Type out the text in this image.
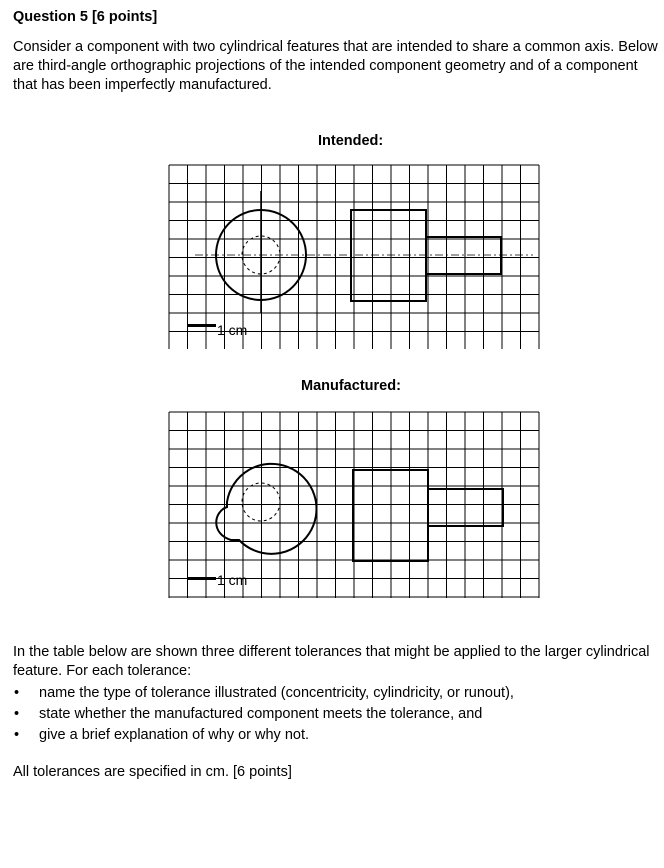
Question 5 [6 points]
Consider a component with two cylindrical features that are intended to share a common axis. Below are third-angle orthographic projections of the intended component geometry and of a component that has been imperfectly manufactured.
Intended:
1 cm
Manufactured:
1 cm
In the table below are shown three different tolerances that might be applied to the larger cylindrical feature. For each tolerance:
• name the type of tolerance illustrated (concentricity, cylindricity, or runout),
• state whether the manufactured component meets the tolerance, and
• give a brief explanation of why or why not.
All tolerances are specified in cm. [6 points]
